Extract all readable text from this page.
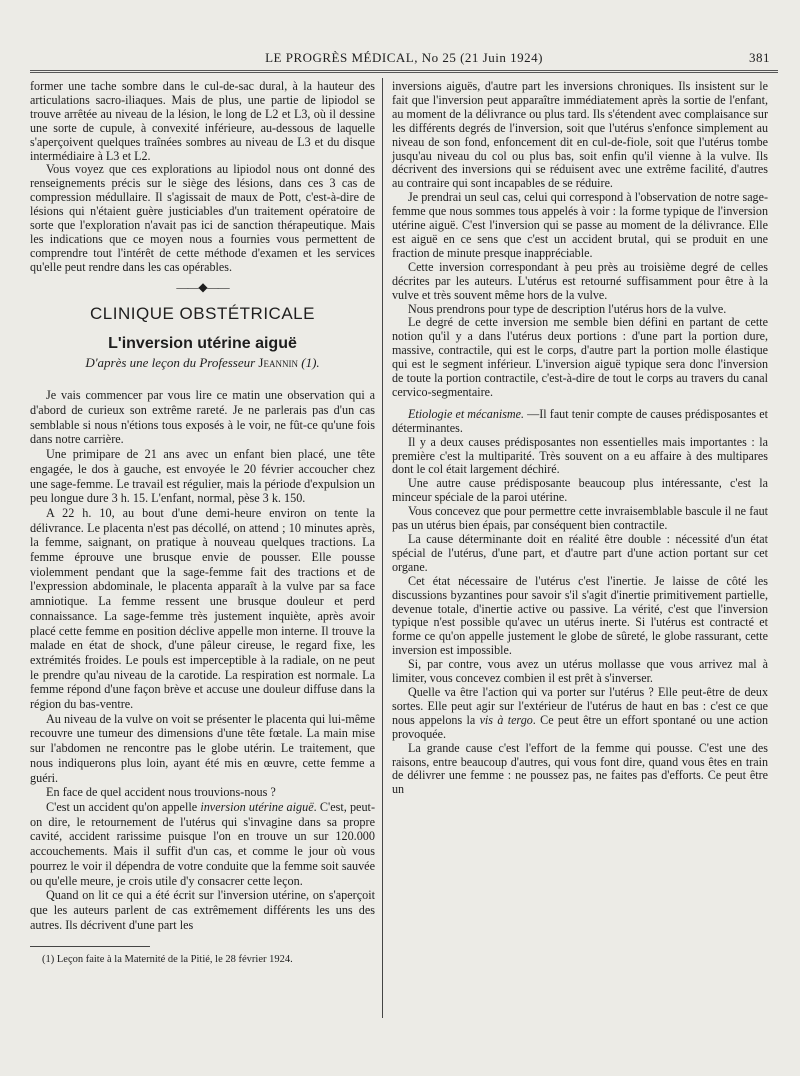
LE PROGRÈS MÉDICAL, No 25 (21 Juin 1924)	381

former une tache sombre dans le cul-de-sac dural, à la hauteur des articulations sacro-iliaques. Mais de plus, une partie de lipiodol se trouve arrêtée au niveau de la lésion, le long de L2 et L3, où il dessine une sorte de cupule, à convexité inférieure, au-dessous de laquelle s'aperçoivent quelques traînées sombres au niveau de L3 et du disque intermédiaire à L3 et L2.

Vous voyez que ces explorations au lipiodol nous ont donné des renseignements précis sur le siège des lésions, dans ces 3 cas de compression médullaire. Il s'agissait de maux de Pott, c'est-à-dire de lésions qui n'étaient guère justiciables d'un traitement opératoire de sorte que l'exploration n'avait pas ici de sanction thérapeutique. Mais les indications que ce moyen nous a fournies vous permettent de comprendre tout l'intérêt de cette méthode d'examen et les services qu'elle peut rendre dans les cas opérables.

——◆——
CLINIQUE OBSTÉTRICALE
L'inversion utérine aiguë
D'après une leçon du Professeur Jeannin (1).

Je vais commencer par vous lire ce matin une observation qui a d'abord de curieux son extrême rareté. Je ne parlerais pas d'un cas semblable si nous n'étions tous exposés à le voir, ne fût-ce qu'une fois dans notre carrière.

Une primipare de 21 ans avec un enfant bien placé, une tête engagée, le dos à gauche, est envoyée le 20 février accoucher chez une sage-femme. Le travail est régulier, mais la période d'expulsion un peu longue dure 3 h. 15. L'enfant, normal, pèse 3 k. 150.

A 22 h. 10, au bout d'une demi-heure environ on tente la délivrance. Le placenta n'est pas décollé, on attend ; 10 minutes après, la femme, saignant, on pratique à nouveau quelques tractions. La femme éprouve une brusque envie de pousser. Elle pousse violemment pendant que la sage-femme fait des tractions et de l'expression abdominale, le placenta apparaît à la vulve par sa face amniotique. La femme ressent une brusque douleur et perd connaissance. La sage-femme très justement inquiète, après avoir placé cette femme en position déclive appelle mon interne. Il trouve la malade en état de shock, d'une pâleur cireuse, le regard fixe, les extrémités froides. Le pouls est imperceptible à la radiale, on ne peut le prendre qu'au niveau de la carotide. La respiration est normale. La femme répond d'une façon brève et accuse une douleur diffuse dans la région du bas-ventre.

Au niveau de la vulve on voit se présenter le placenta qui lui-même recouvre une tumeur des dimensions d'une tête fœtale. La main mise sur l'abdomen ne rencontre pas le globe utérin. Le traitement, que nous indiquerons plus loin, ayant été mis en œuvre, cette femme a guéri.

En face de quel accident nous trouvions-nous ?

C'est un accident qu'on appelle inversion utérine aiguë. C'est, peut-on dire, le retournement de l'utérus qui s'invagine dans sa propre cavité, accident rarissime puisque l'on en trouve un sur 120.000 accouchements. Mais il suffit d'un cas, et comme le jour où vous pourrez le voir il dépendra de votre conduite que la femme soit sauvée ou qu'elle meure, je crois utile d'y consacrer cette leçon.

Quand on lit ce qui a été écrit sur l'inversion utérine, on s'aperçoit que les auteurs parlent de cas extrêmement différents les uns des autres. Ils décrivent d'une part les

(1) Leçon faite à la Maternité de la Pitié, le 28 février 1924.

inversions aiguës, d'autre part les inversions chroniques. Ils insistent sur le fait que l'inversion peut apparaître immédiatement après la sortie de l'enfant, au moment de la délivrance ou plus tard. Ils s'étendent avec complaisance sur les différents degrés de l'inversion, soit que l'utérus s'enfonce simplement au niveau de son fond, enfoncement dit en cul-de-fiole, soit que l'utérus tombe jusqu'au niveau du col ou plus bas, soit enfin qu'il vienne à la vulve. Ils décrivent des inversions qui se réduisent avec une extrême facilité, d'autres au contraire qui sont incapables de se réduire.

Je prendrai un seul cas, celui qui correspond à l'observation de notre sage-femme que nous sommes tous appelés à voir : la forme typique de l'inversion utérine aiguë. C'est l'inversion qui se passe au moment de la délivrance. Elle est aiguë en ce sens que c'est un accident brutal, qui se produit en une fraction de minute presque inappréciable.

Cette inversion correspondant à peu près au troisième degré de celles décrites par les auteurs. L'utérus est retourné suffisamment pour être à la vulve et très souvent même hors de la vulve.

Nous prendrons pour type de description l'utérus hors de la vulve.

Le degré de cette inversion me semble bien défini en partant de cette notion qu'il y a dans l'utérus deux portions : d'une part la portion dure, massive, contractile, qui est le corps, d'autre part la portion molle élastique qui est le segment inférieur. L'inversion aiguë typique sera donc l'inversion de toute la portion contractile, c'est-à-dire de tout le corps au travers du canal cervico-segmentaire.

Etiologie et mécanisme. —Il faut tenir compte de causes prédisposantes et déterminantes.

Il y a deux causes prédisposantes non essentielles mais importantes : la première c'est la multiparité. Très souvent on a eu affaire à des multipares dont le col était largement déchiré.

Une autre cause prédisposante beaucoup plus intéressante, c'est la minceur spéciale de la paroi utérine.

Vous concevez que pour permettre cette invraisemblable bascule il ne faut pas un utérus bien épais, par conséquent bien contractile.

La cause déterminante doit en réalité être double : nécessité d'un état spécial de l'utérus, d'une part, et d'autre part d'une action portant sur cet organe.

Cet état nécessaire de l'utérus c'est l'inertie. Je laisse de côté les discussions byzantines pour savoir s'il s'agit d'inertie primitivement partielle, devenue totale, d'inertie active ou passive. La vérité, c'est que l'inversion typique n'est possible qu'avec un utérus inerte. Si l'utérus est contracté et forme ce qu'on appelle justement le globe de sûreté, le globe rassurant, cette inversion est impossible.

Si, par contre, vous avez un utérus mollasse que vous arrivez mal à limiter, vous concevez combien il est prêt à s'inverser.

Quelle va être l'action qui va porter sur l'utérus ? Elle peut-être de deux sortes. Elle peut agir sur l'extérieur de l'utérus de haut en bas : c'est ce que nous appelons la vis à tergo. Ce peut être un effort spontané ou une action provoquée.

La grande cause c'est l'effort de la femme qui pousse. C'est une des raisons, entre beaucoup d'autres, qui vous font dire, quand vous êtes en train de délivrer une femme : ne poussez pas, ne faites pas d'efforts. Ce peut être un
